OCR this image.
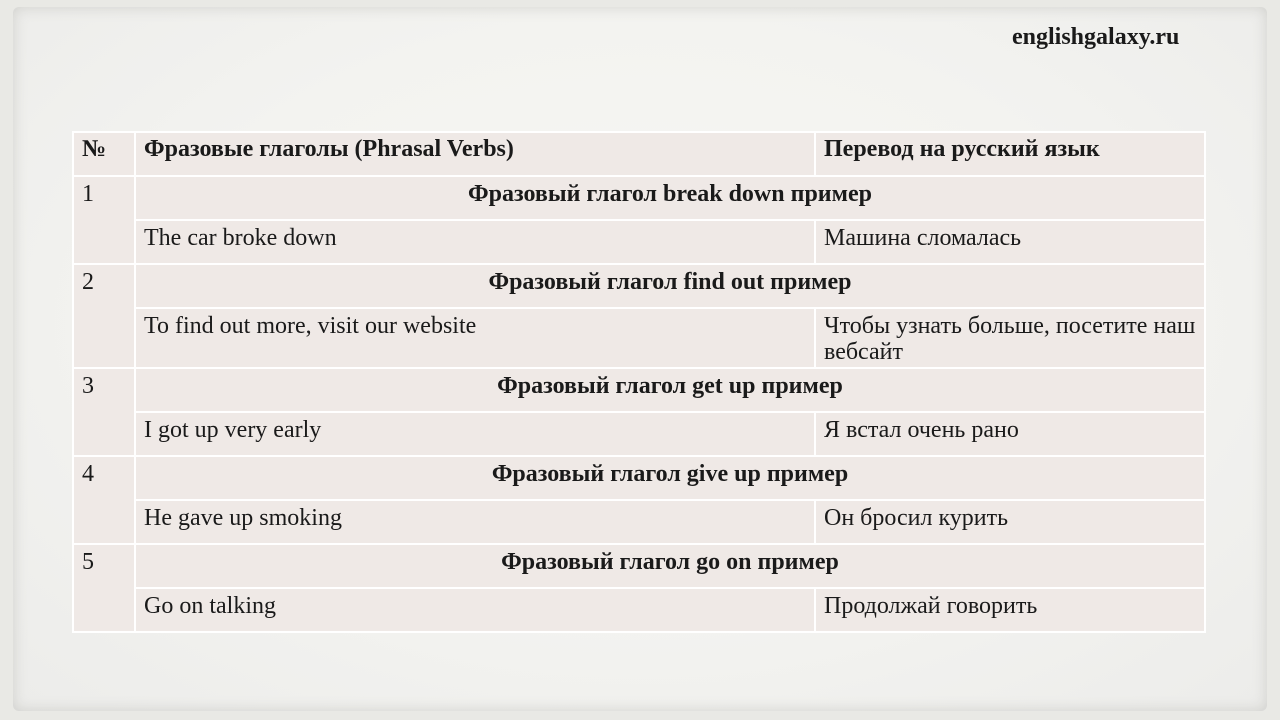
englishgalaxy.ru
№	Фразовые глаголы (Phrasal Verbs)	Перевод на русский язык
1	Фразовый глагол break down пример	
	The car broke down	Машина сломалась
2	Фразовый глагол find out пример	
	To find out more, visit our website	Чтобы узнать больше, посетите наш вебсайт
3	Фразовый глагол get up пример	
	I got up very early	Я встал очень рано
4	Фразовый глагол give up пример	
	He gave up smoking	Он бросил курить
5	Фразовый глагол go on пример	
	Go on talking	Продолжай говорить
